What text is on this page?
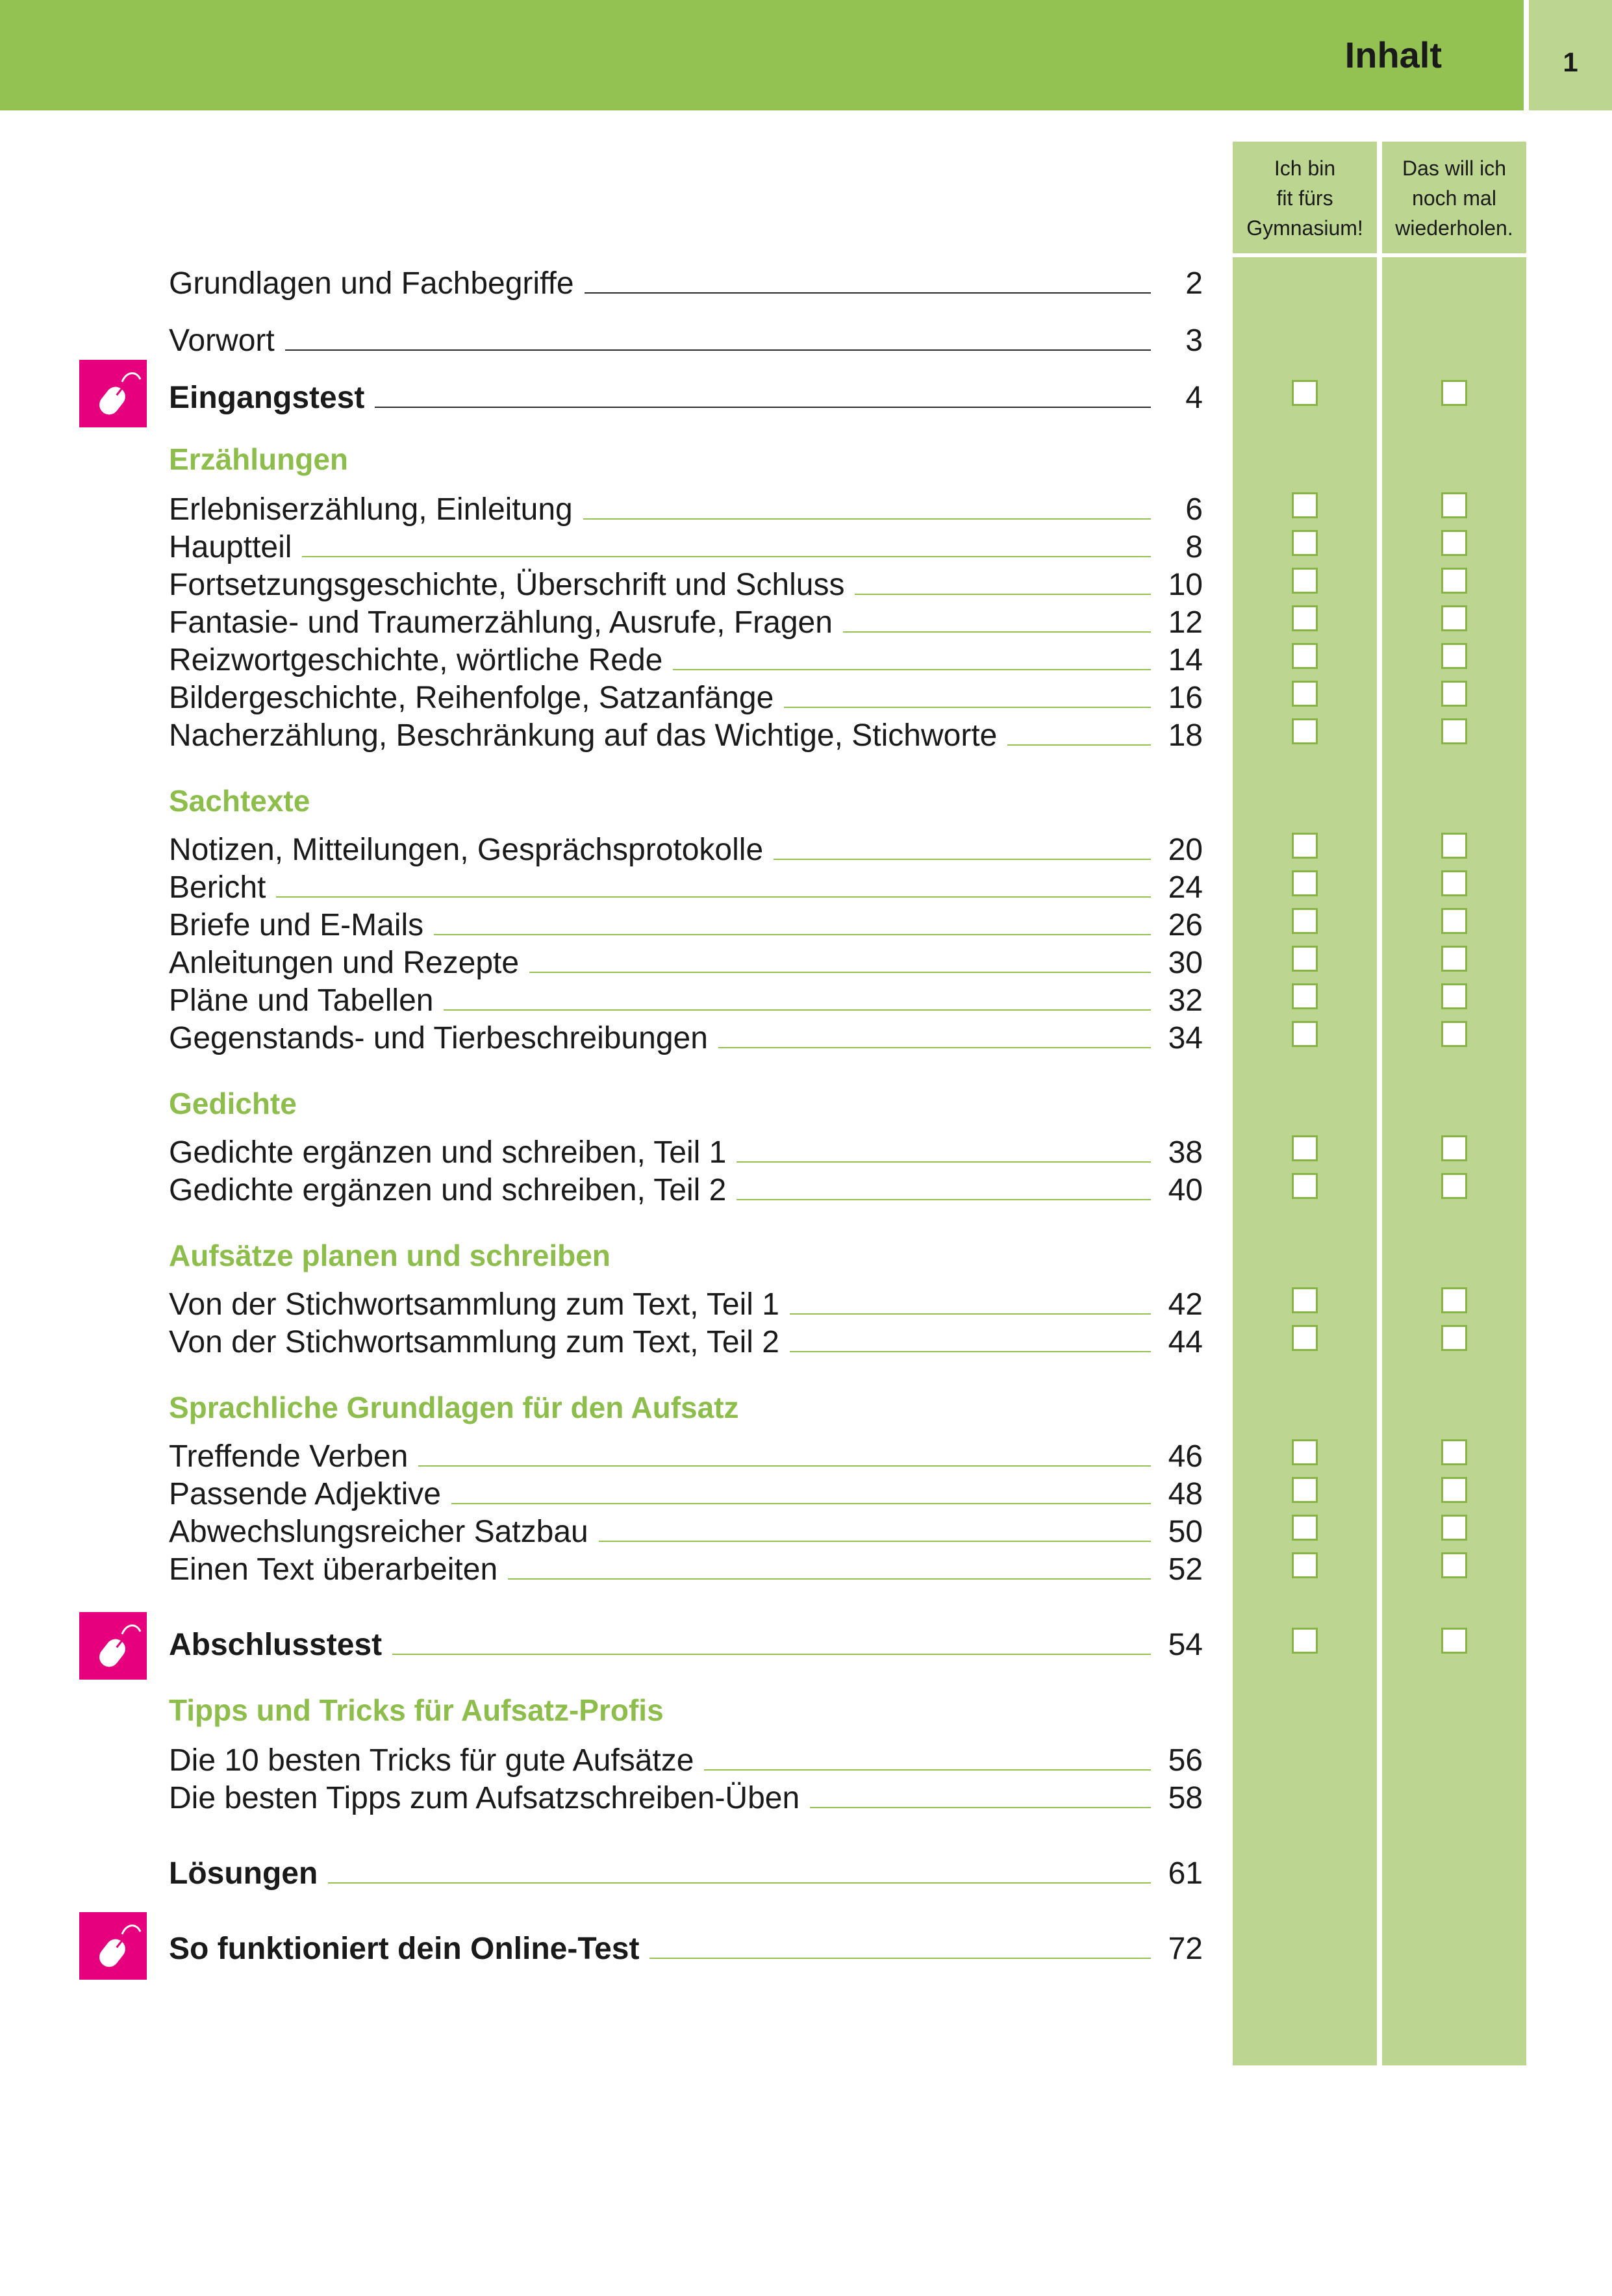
Inhalt	1
Ich bin
fit fürs
Gymnasium!
Das will ich
noch mal
wiederholen.
Erzählungen
Sachtexte
Gedichte
Aufsätze planen und schreiben
Sprachliche Grundlagen für den Aufsatz
Tipps und Tricks für Aufsatz-Profis
Grundlagen und Fachbegriffe	2
Vorwort	3
Eingangstest	4
Erlebniserzählung, Einleitung	6
Hauptteil	8
Fortsetzungsgeschichte, Überschrift und Schluss	10
Fantasie- und Traumerzählung, Ausrufe, Fragen	12
Reizwortgeschichte, wörtliche Rede	14
Bildergeschichte, Reihenfolge, Satzanfänge	16
Nacherzählung, Beschränkung auf das Wichtige, Stichworte	18
Notizen, Mitteilungen, Gesprächsprotokolle	20
Bericht	24
Briefe und E-Mails	26
Anleitungen und Rezepte	30
Pläne und Tabellen	32
Gegenstands- und Tierbeschreibungen	34
Gedichte ergänzen und schreiben, Teil 1	38
Gedichte ergänzen und schreiben, Teil 2	40
Von der Stichwortsammlung zum Text, Teil 1	42
Von der Stichwortsammlung zum Text, Teil 2	44
Treffende Verben	46
Passende Adjektive	48
Abwechslungsreicher Satzbau	50
Einen Text überarbeiten	52
Abschlusstest	54
Die 10 besten Tricks für gute Aufsätze	56
Die besten Tipps zum Aufsatzschreiben-Üben	58
Lösungen	61
So funktioniert dein Online-Test	72
